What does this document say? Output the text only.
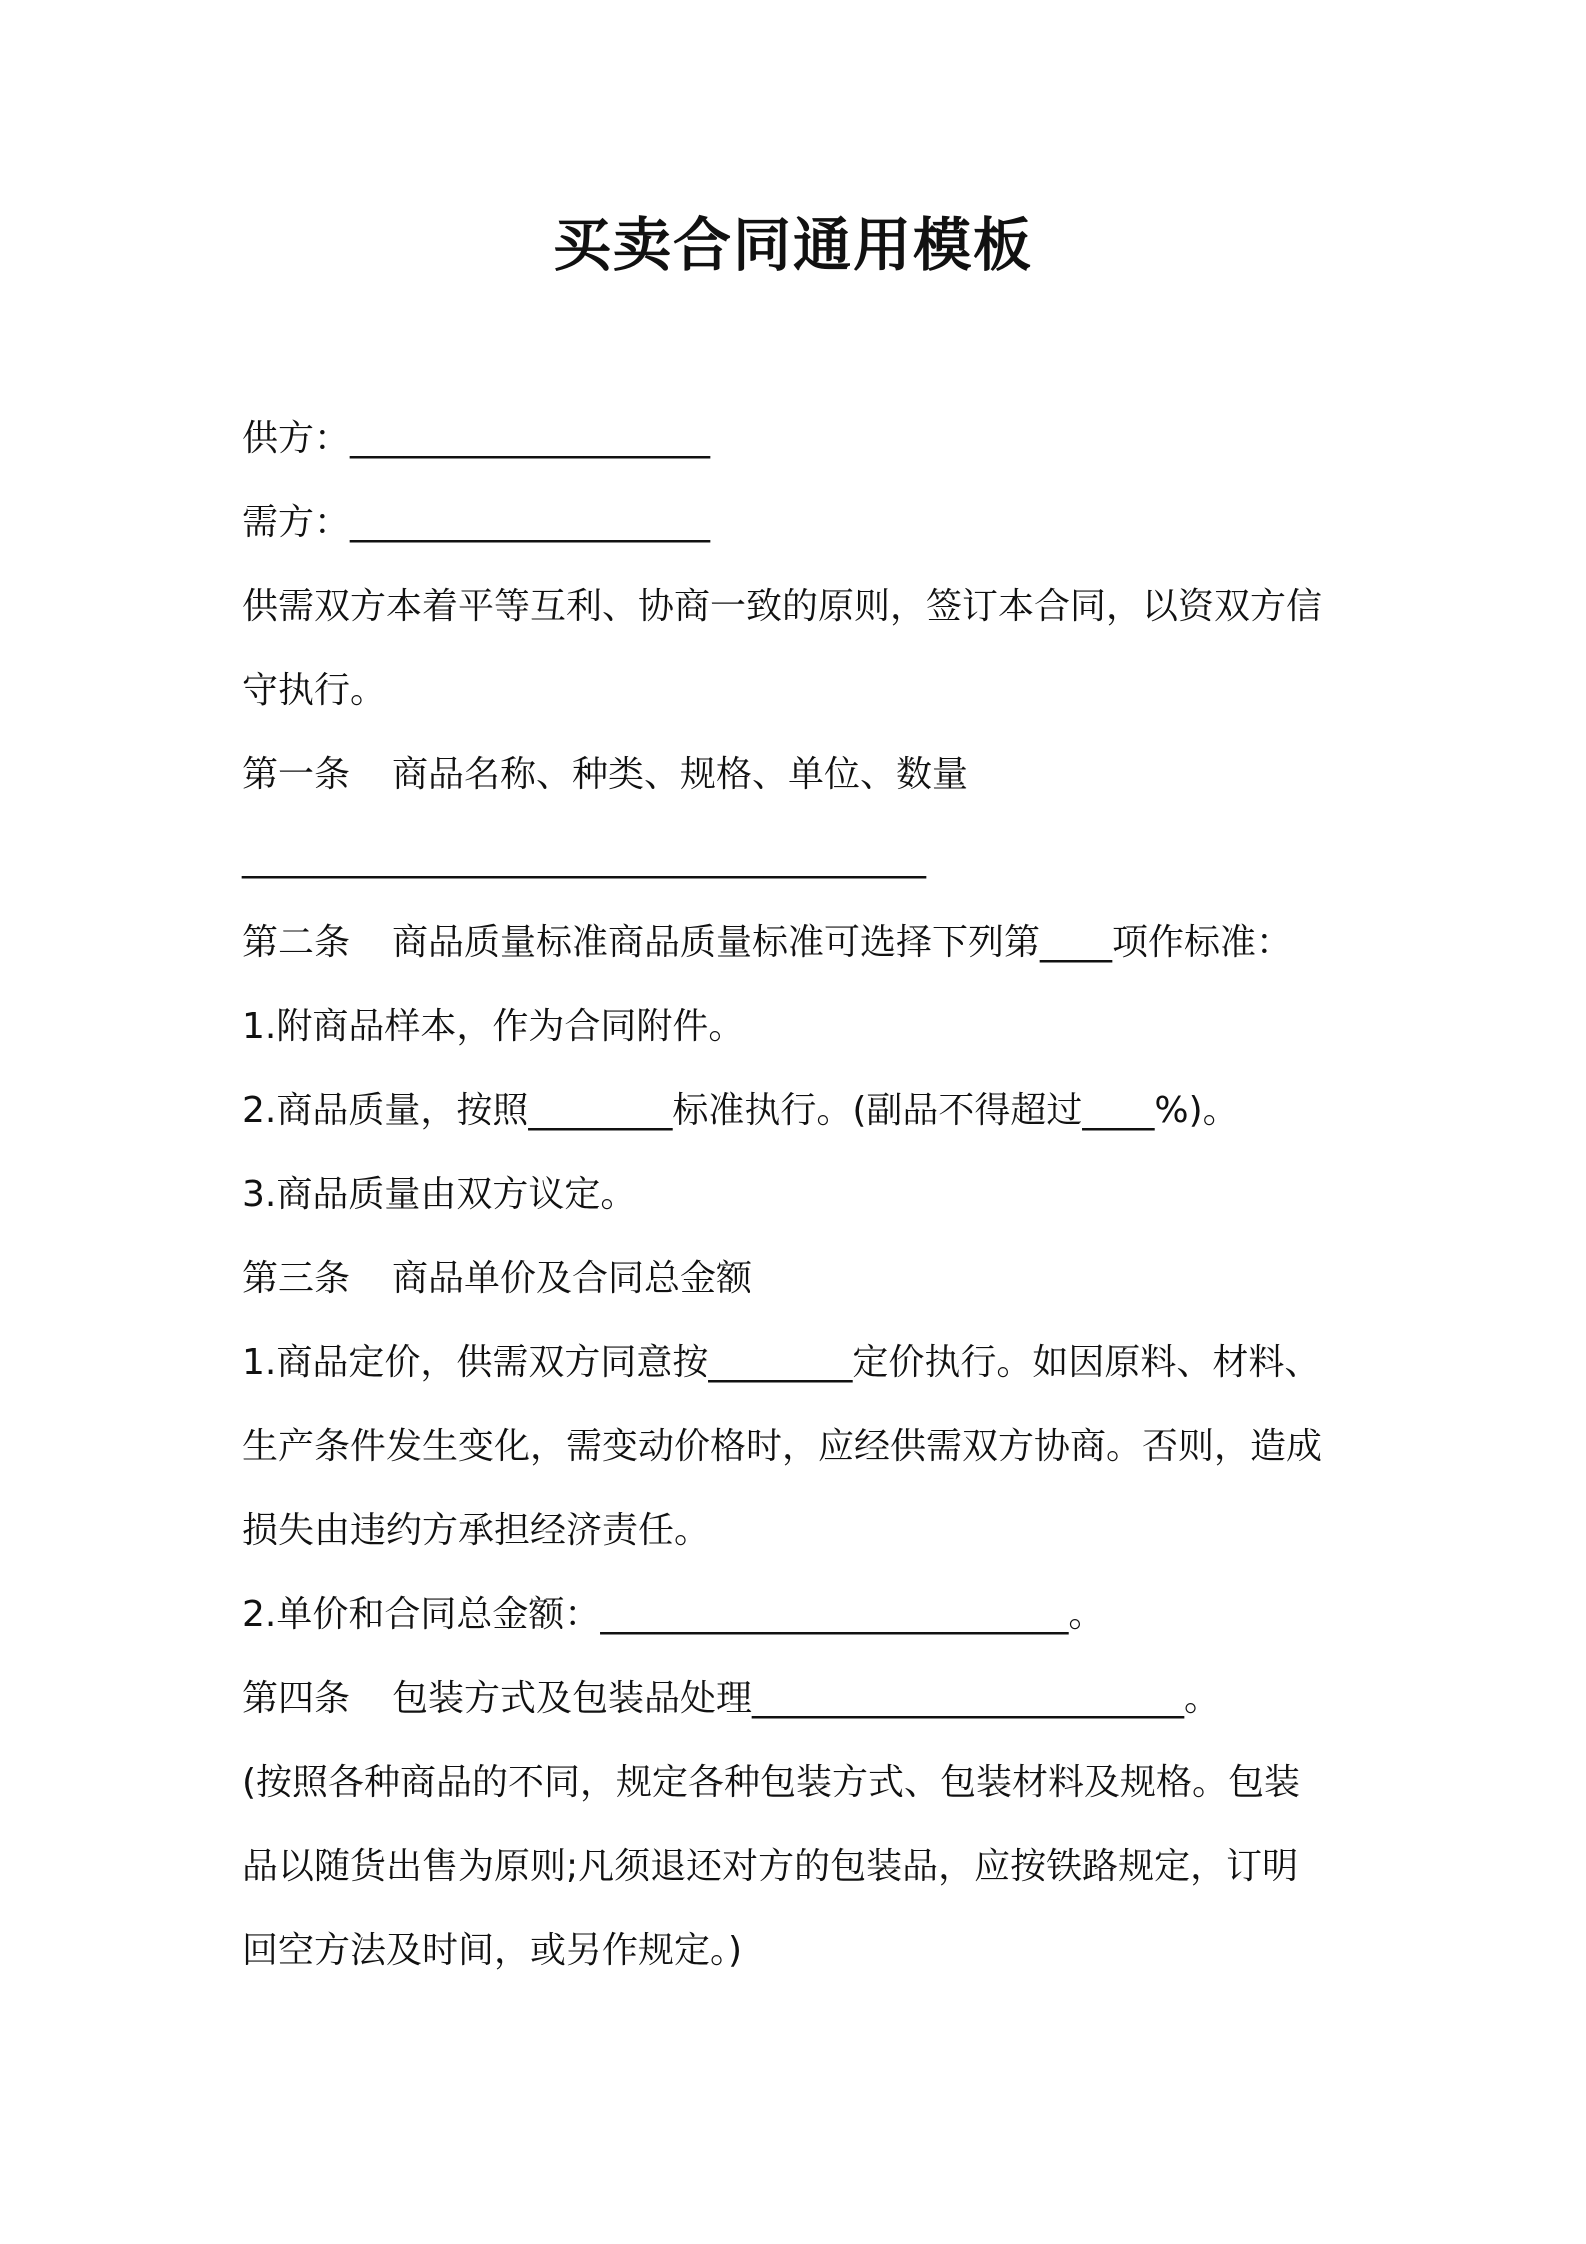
买卖合同通用模板
供方：____________________
需方：____________________
供需双方本着平等互利、协商一致的原则，签订本合同，以资双方信
守执行。
第一条 商品名称、种类、规格、单位、数量
______________________________________
第二条 商品质量标准商品质量标准可选择下列第____项作标准：
1.附商品样本，作为合同附件。
2.商品质量，按照________标准执行。(副品不得超过____%)。
3.商品质量由双方议定。
第三条 商品单价及合同总金额
1.商品定价，供需双方同意按________定价执行。如因原料、材料、
生产条件发生变化，需变动价格时，应经供需双方协商。否则，造成
损失由违约方承担经济责任。
2.单价和合同总金额：__________________________。
第四条 包装方式及包装品处理________________________。
(按照各种商品的不同，规定各种包装方式、包装材料及规格。包装
品以随货出售为原则;凡须退还对方的包装品，应按铁路规定，订明
回空方法及时间，或另作规定。)
